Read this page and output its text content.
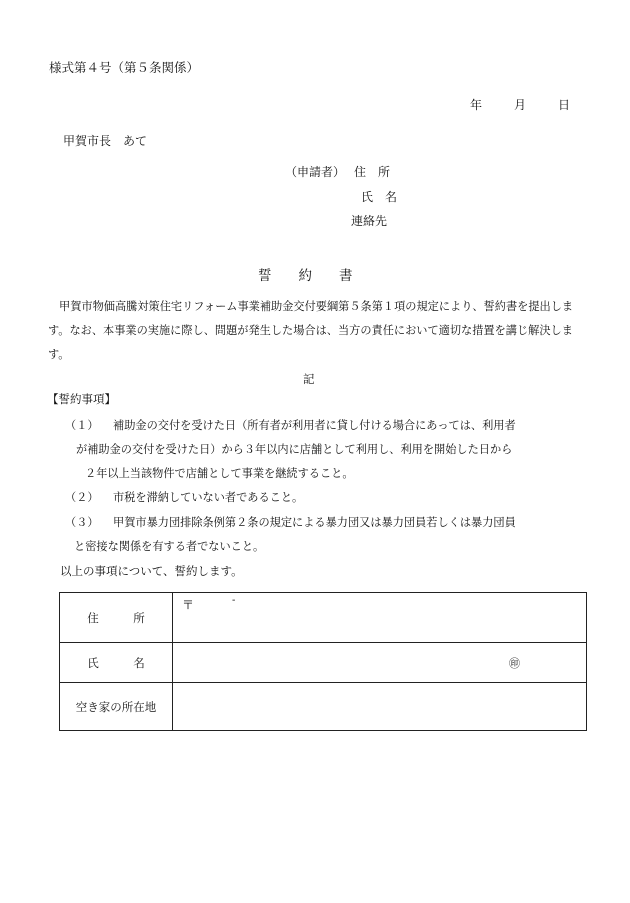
様式第４号（第５条関係）
年	月	日
甲賀市長　あて
（申請者） 住　所
氏　名
連絡先
誓　　約　　書
甲賀市物価高騰対策住宅リフォーム事業補助金交付要綱第５条第１項の規定により、誓約書を提出します。なお、本事業の実施に際し、問題が発生した場合は、当方の責任において適切な措置を講じ解決します。
記
【誓約事項】
（１） 補助金の交付を受けた日（所有者が利用者に貸し付ける場合にあっては、利用者
が補助金の交付を受けた日）から３年以内に店舗として利用し、利用を開始した日から
２年以上当該物件で店舗として事業を継続すること。
（２） 市税を滞納していない者であること。
（３） 甲賀市暴力団排除条例第２条の規定による暴力団又は暴力団員若しくは暴力団員
と密接な関係を有する者でないこと。
以上の事項について、誓約します。
住　　　所	〒 -

氏　　　名	㊞

空き家の所在地	
